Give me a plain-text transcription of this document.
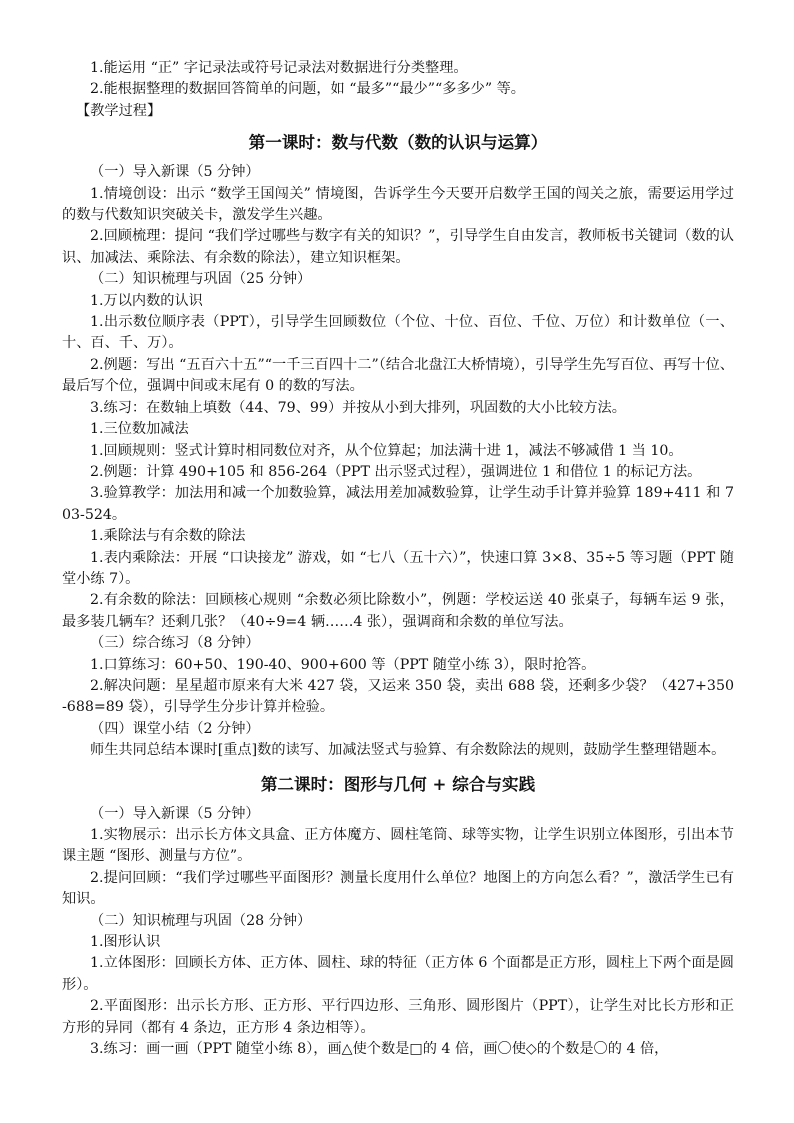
1.能运用 “正” 字记录法或符号记录法对数据进行分类整理。

2.能根据整理的数据回答简单的问题，如 “最多”“最少”“多多少” 等。

【教学过程】

第一课时：数与代数（数的认识与运算）

（一）导入新课（5 分钟）

1.情境创设：出示 “数学王国闯关” 情境图，告诉学生今天要开启数学王国的闯关之旅，需要运用学过的数与代数知识突破关卡，激发学生兴趣。

2.回顾梳理：提问 “我们学过哪些与数字有关的知识？”，引导学生自由发言，教师板书关键词（数的认识、加减法、乘除法、有余数的除法），建立知识框架。

（二）知识梳理与巩固（25 分钟）

1.万以内数的认识

1.出示数位顺序表（PPT），引导学生回顾数位（个位、十位、百位、千位、万位）和计数单位（一、十、百、千、万）。

2.例题：写出 “五百六十五”“一千三百四十二”（结合北盘江大桥情境），引导学生先写百位、再写十位、最后写个位，强调中间或末尾有 0 的数的写法。

3.练习：在数轴上填数（44、79、99）并按从小到大排列，巩固数的大小比较方法。

1.三位数加减法

1.回顾规则：竖式计算时相同数位对齐，从个位算起；加法满十进 1，减法不够减借 1 当 10。

2.例题：计算 490+105 和 856-264（PPT 出示竖式过程），强调进位 1 和借位 1 的标记方法。

3.验算教学：加法用和减一个加数验算，减法用差加减数验算，让学生动手计算并验算 189+411 和 703-524。

1.乘除法与有余数的除法

1.表内乘除法：开展 “口诀接龙” 游戏，如 “七八（五十六）”，快速口算 3×8、35÷5 等习题（PPT 随堂小练 7）。

2.有余数的除法：回顾核心规则 “余数必须比除数小”，例题：学校运送 40 张桌子，每辆车运 9 张，最多装几辆车？还剩几张？（40÷9=4 辆……4 张），强调商和余数的单位写法。

（三）综合练习（8 分钟）

1.口算练习：60+50、190-40、900+600 等（PPT 随堂小练 3），限时抢答。

2.解决问题：星星超市原来有大米 427 袋，又运来 350 袋，卖出 688 袋，还剩多少袋？（427+350-688=89 袋），引导学生分步计算并检验。

（四）课堂小结（2 分钟）

师生共同总结本课时[重点]数的读写、加减法竖式与验算、有余数除法的规则，鼓励学生整理错题本。

第二课时：图形与几何 + 综合与实践

（一）导入新课（5 分钟）

1.实物展示：出示长方体文具盒、正方体魔方、圆柱笔筒、球等实物，让学生识别立体图形，引出本节课主题 “图形、测量与方位”。

2.提问回顾：“我们学过哪些平面图形？测量长度用什么单位？地图上的方向怎么看？”，激活学生已有知识。

（二）知识梳理与巩固（28 分钟）

1.图形认识

1.立体图形：回顾长方体、正方体、圆柱、球的特征（正方体 6 个面都是正方形，圆柱上下两个面是圆形）。

2.平面图形：出示长方形、正方形、平行四边形、三角形、圆形图片（PPT），让学生对比长方形和正方形的异同（都有 4 条边，正方形 4 条边相等）。

3.练习：画一画（PPT 随堂小练 8），画△使个数是□的 4 倍，画〇使◇的个数是〇的 4 倍，
